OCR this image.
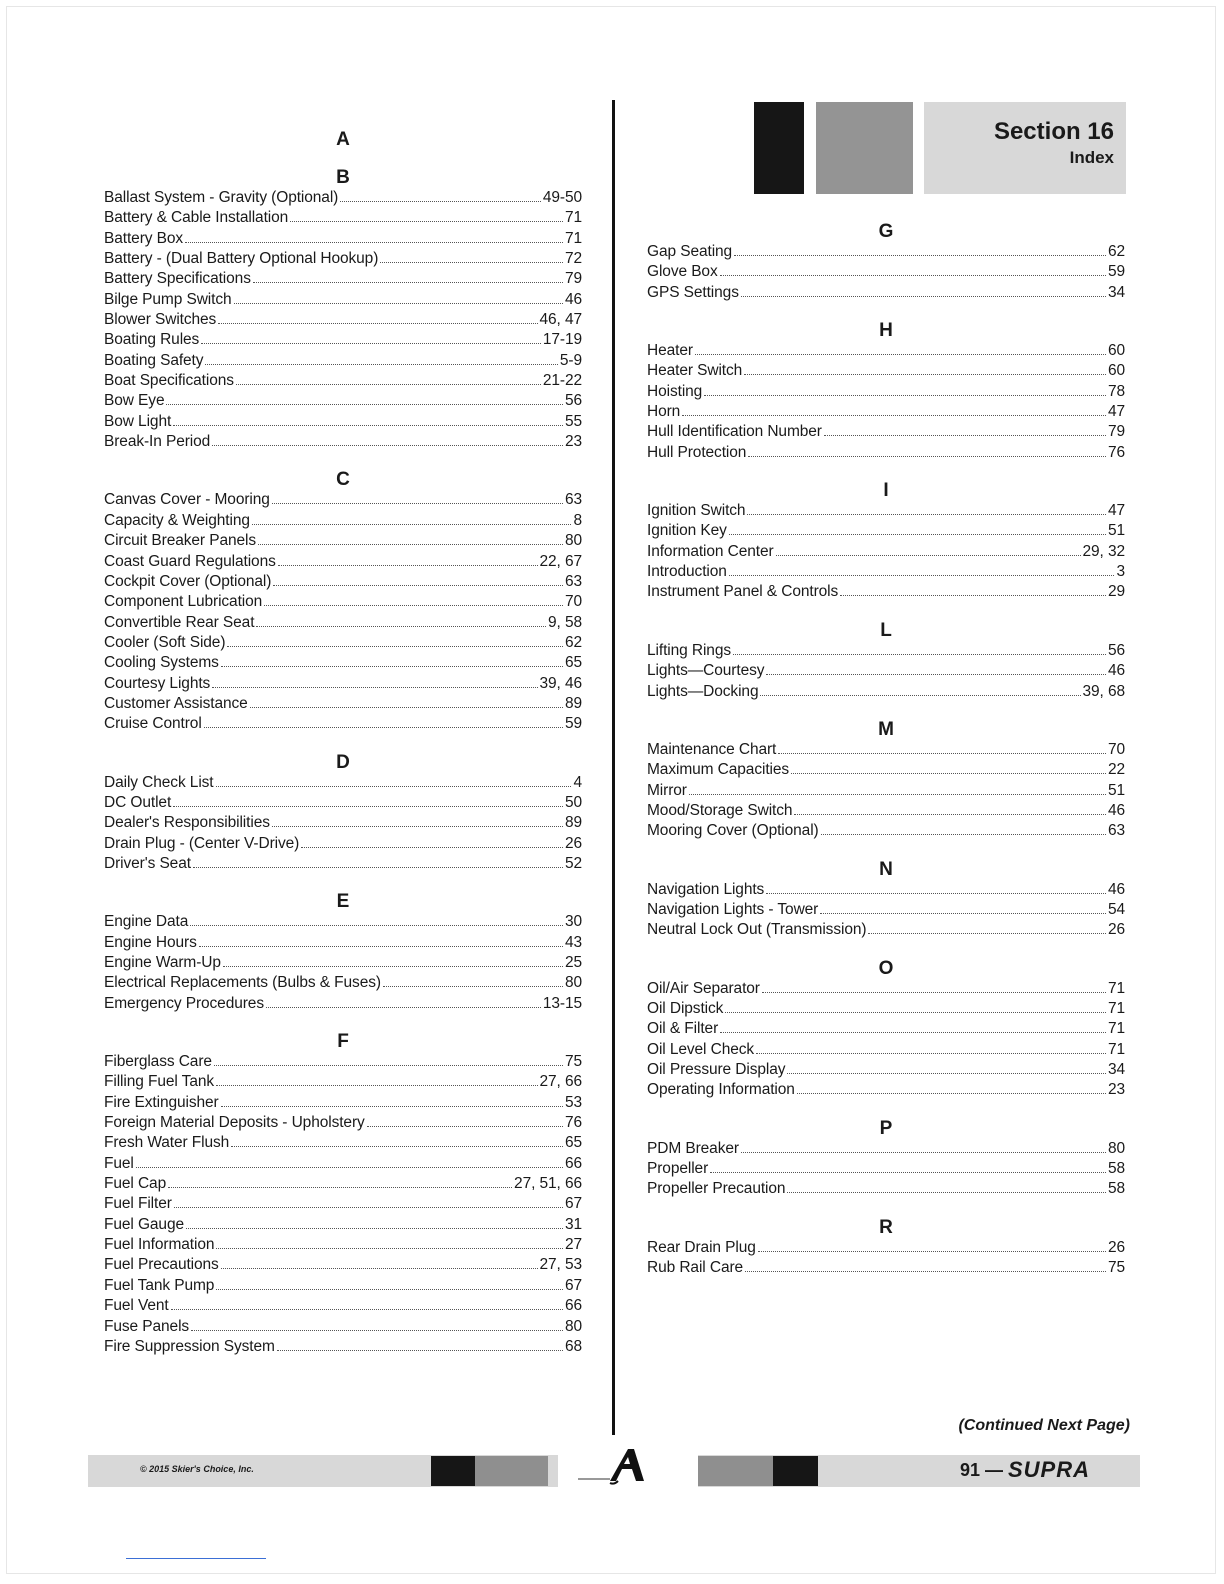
Section 16
Index
A
B
Ballast System - Gravity (Optional)	49-50
Battery & Cable Installation	71
Battery Box	71
Battery - (Dual Battery Optional Hookup)	72
Battery Specifications	79
Bilge Pump Switch	46
Blower Switches	46, 47
Boating Rules	17-19
Boating Safety	5-9
Boat Specifications	21-22
Bow Eye	56
Bow Light	55
Break-In Period	23
C
Canvas Cover - Mooring	63
Capacity & Weighting	8
Circuit Breaker Panels	80
Coast Guard Regulations	22, 67
Cockpit Cover (Optional)	63
Component Lubrication	70
Convertible Rear Seat	9, 58
Cooler (Soft Side)	62
Cooling Systems	65
Courtesy Lights	39, 46
Customer Assistance	89
Cruise Control	59
D
Daily Check List	4
DC Outlet	50
Dealer's Responsibilities	89
Drain Plug - (Center V-Drive)	26
Driver's Seat	52
E
Engine Data	30
Engine Hours	43
Engine Warm-Up	25
Electrical Replacements (Bulbs & Fuses)	80
Emergency Procedures	13-15
F
Fiberglass Care	75
Filling Fuel Tank	27, 66
Fire Extinguisher	53
Foreign Material Deposits - Upholstery	76
Fresh Water Flush	65
Fuel	66
Fuel Cap	27, 51, 66
Fuel Filter	67
Fuel Gauge	31
Fuel Information	27
Fuel Precautions	27, 53
Fuel Tank Pump	67
Fuel Vent	66
Fuse Panels	80
Fire Suppression System	68
G
Gap Seating	62
Glove Box	59
GPS Settings	34
H
Heater	60
Heater Switch	60
Hoisting	78
Horn	47
Hull Identification Number	79
Hull Protection	76
I
Ignition Switch	47
Ignition Key	51
Information Center	29, 32
Introduction	3
Instrument Panel & Controls	29
L
Lifting Rings	56
Lights—Courtesy	46
Lights—Docking	39, 68
M
Maintenance Chart	70
Maximum Capacities	22
Mirror	51
Mood/Storage Switch	46
Mooring Cover (Optional)	63
N
Navigation Lights	46
Navigation Lights - Tower	54
Neutral Lock Out (Transmission)	26
O
Oil/Air Separator	71
Oil Dipstick	71
Oil & Filter	71
Oil Level Check	71
Oil Pressure Display	34
Operating Information	23
P
PDM Breaker	80
Propeller	58
Propeller Precaution	58
R
Rear Drain Plug	26
Rub Rail Care	75
(Continued Next Page)
© 2015 Skier's Choice, Inc.	91 — SUPRA
